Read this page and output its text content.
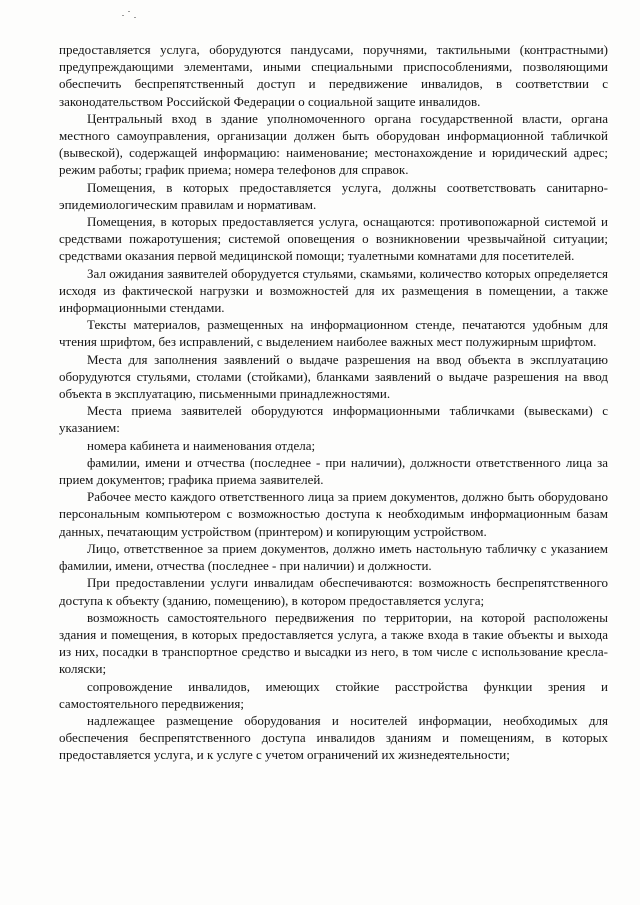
предоставляется услуга, оборудуются пандусами, поручнями, тактильными (контрастными) предупреждающими элементами, иными специальными приспособлениями, позволяющими обеспечить беспрепятственный доступ и передвижение инвалидов, в соответствии с законодательством Российской Федерации о социальной защите инвалидов.

Центральный вход в здание уполномоченного органа государственной власти, органа местного самоуправления, организации должен быть оборудован информационной табличкой (вывеской), содержащей информацию: наименование; местонахождение и юридический адрес; режим работы; график приема; номера телефонов для справок.

Помещения, в которых предоставляется услуга, должны соответствовать санитарно-эпидемиологическим правилам и нормативам.

Помещения, в которых предоставляется услуга, оснащаются: противопожарной системой и средствами пожаротушения; системой оповещения о возникновении чрезвычайной ситуации; средствами оказания первой медицинской помощи; туалетными комнатами для посетителей.

Зал ожидания заявителей оборудуется стульями, скамьями, количество которых определяется исходя из фактической нагрузки и возможностей для их размещения в помещении, а также информационными стендами.

Тексты материалов, размещенных на информационном стенде, печатаются удобным для чтения шрифтом, без исправлений, с выделением наиболее важных мест полужирным шрифтом.

Места для заполнения заявлений о выдаче разрешения на ввод объекта в эксплуатацию оборудуются стульями, столами (стойками), бланками заявлений о выдаче разрешения на ввод объекта в эксплуатацию, письменными принадлежностями.

Места приема заявителей оборудуются информационными табличками (вывесками) с указанием:

номера кабинета и наименования отдела;

фамилии, имени и отчества (последнее - при наличии), должности ответственного лица за прием документов; графика приема заявителей.

Рабочее место каждого ответственного лица за прием документов, должно быть оборудовано персональным компьютером с возможностью доступа к необходимым информационным базам данных, печатающим устройством (принтером) и копирующим устройством.

Лицо, ответственное за прием документов, должно иметь настольную табличку с указанием фамилии, имени, отчества (последнее - при наличии) и должности.

При предоставлении услуги инвалидам обеспечиваются: возможность беспрепятственного доступа к объекту (зданию, помещению), в котором предоставляется услуга;

возможность самостоятельного передвижения по территории, на которой расположены здания и помещения, в которых предоставляется услуга, а также входа в такие объекты и выхода из них, посадки в транспортное средство и высадки из него, в том числе с использование кресла-коляски;

сопровождение инвалидов, имеющих стойкие расстройства функции зрения и самостоятельного передвижения;

надлежащее размещение оборудования и носителей информации, необходимых для обеспечения беспрепятственного доступа инвалидов зданиям и помещениям, в которых предоставляется услуга, и к услуге с учетом ограничений их жизнедеятельности;
